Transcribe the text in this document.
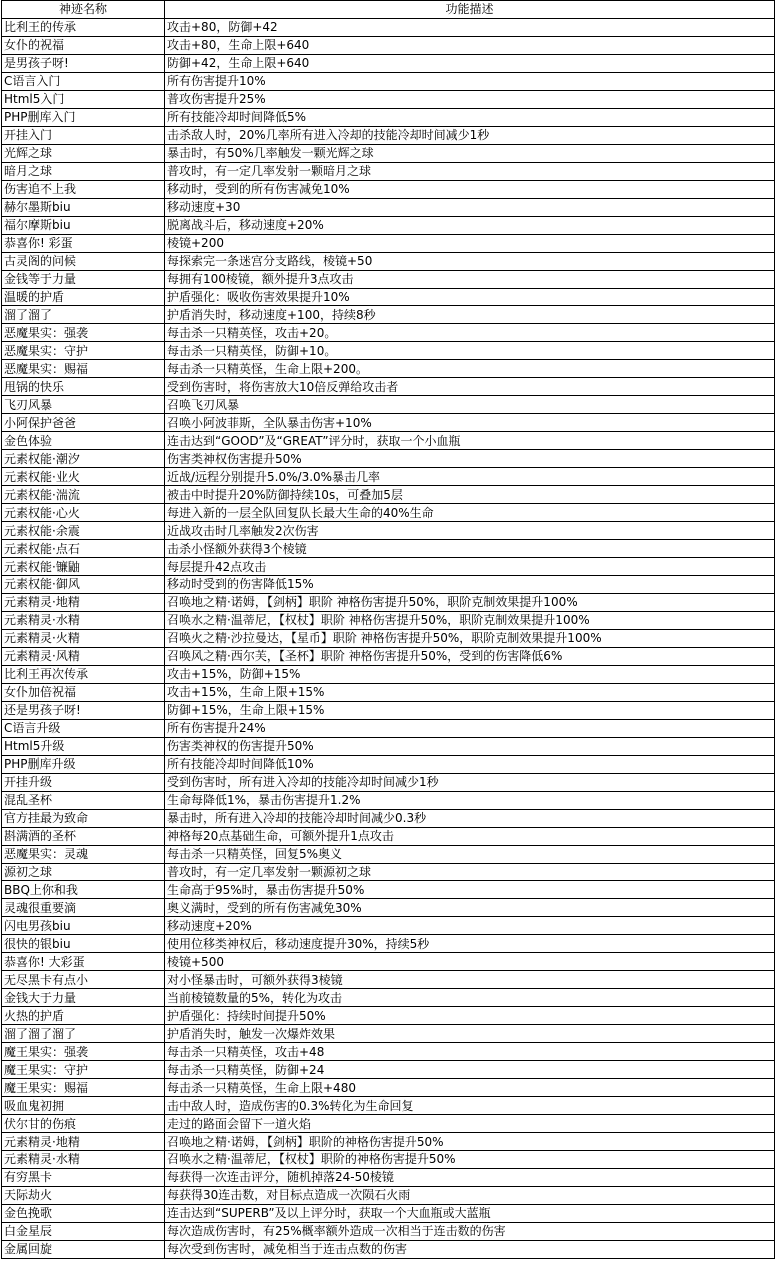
神迹名称	功能描述
比利王的传承	攻击+80，防御+42
女仆的祝福	攻击+80，生命上限+640
是男孩子呀!	防御+42，生命上限+640
C语言入门	所有伤害提升10%
Html5入门	普攻伤害提升25%
PHP删库入门	所有技能冷却时间降低5%
开挂入门	击杀敌人时，20%几率所有进入冷却的技能冷却时间减少1秒
光辉之球	暴击时，有50%几率触发一颗光辉之球
暗月之球	普攻时，有一定几率发射一颗暗月之球
伤害追不上我	移动时，受到的所有伤害减免10%
赫尔墨斯biu	移动速度+30
福尔摩斯biu	脱离战斗后，移动速度+20%
恭喜你! 彩蛋	棱镜+200
古灵阁的问候	每探索完一条迷宫分支路线，棱镜+50
金钱等于力量	每拥有100棱镜，额外提升3点攻击
温暖的护盾	护盾强化：吸收伤害效果提升10%
溜了溜了	护盾消失时，移动速度+100，持续8秒
恶魔果实：强袭	每击杀一只精英怪，攻击+20。
恶魔果实：守护	每击杀一只精英怪，防御+10。
恶魔果实：赐福	每击杀一只精英怪，生命上限+200。
甩锅的快乐	受到伤害时，将伤害放大10倍反弹给攻击者
飞刃风暴	召唤飞刃风暴
小阿保护爸爸	召唤小阿波菲斯，全队暴击伤害+10%
金色体验	连击达到“GOOD”及“GREAT”评分时，获取一个小血瓶
元素权能·潮汐	伤害类神权伤害提升50%
元素权能·业火	近战/远程分别提升5.0%/3.0%暴击几率
元素权能·湍流	被击中时提升20%防御持续10s，可叠加5层
元素权能·心火	每进入新的一层全队回复队长最大生命的40%生命
元素权能·余震	近战攻击时几率触发2次伤害
元素权能·点石	击杀小怪额外获得3个棱镜
元素权能·镰鼬	每层提升42点攻击
元素权能·御风	移动时受到的伤害降低15%
元素精灵·地精	召唤地之精·诺姆，【剑柄】职阶 神格伤害提升50%，职阶克制效果提升100%
元素精灵·水精	召唤水之精·温蒂尼，【权杖】职阶 神格伤害提升50%，职阶克制效果提升100%
元素精灵·火精	召唤火之精·沙拉曼达，【星币】职阶 神格伤害提升50%，职阶克制效果提升100%
元素精灵·风精	召唤风之精·西尔芙，【圣杯】职阶 神格伤害提升50%，受到的伤害降低6%
比利王再次传承	攻击+15%，防御+15%
女仆加倍祝福	攻击+15%，生命上限+15%
还是男孩子呀!	防御+15%，生命上限+15%
C语言升级	所有伤害提升24%
Html5升级	伤害类神权的伤害提升50%
PHP删库升级	所有技能冷却时间降低10%
开挂升级	受到伤害时，所有进入冷却的技能冷却时间减少1秒
混乱圣杯	生命每降低1%，暴击伤害提升1.2%
官方挂最为致命	暴击时，所有进入冷却的技能冷却时间减少0.3秒
斟满酒的圣杯	神格每20点基础生命，可额外提升1点攻击
恶魔果实：灵魂	每击杀一只精英怪，回复5%奥义
源初之球	普攻时，有一定几率发射一颗源初之球
BBQ上你和我	生命高于95%时，暴击伤害提升50%
灵魂很重要滴	奥义满时，受到的所有伤害减免30%
闪电男孩biu	移动速度+20%
很快的银biu	使用位移类神权后，移动速度提升30%，持续5秒
恭喜你! 大彩蛋	棱镜+500
无尽黑卡有点小	对小怪暴击时，可额外获得3棱镜
金钱大于力量	当前棱镜数量的5%，转化为攻击
火热的护盾	护盾强化：持续时间提升50%
溜了溜了溜了	护盾消失时，触发一次爆炸效果
魔王果实：强袭	每击杀一只精英怪，攻击+48
魔王果实：守护	每击杀一只精英怪，防御+24
魔王果实：赐福	每击杀一只精英怪，生命上限+480
吸血鬼初拥	击中敌人时，造成伤害的0.3%转化为生命回复
伏尔甘的伤痕	走过的路面会留下一道火焰
元素精灵·地精	召唤地之精·诺姆，【剑柄】职阶的神格伤害提升50%
元素精灵·水精	召唤水之精·温蒂尼，【权杖】职阶的神格伤害提升50%
有穷黑卡	每获得一次连击评分，随机掉落24-50棱镜
天际劫火	每获得30连击数，对目标点造成一次陨石火雨
金色挽歌	连击达到“SUPERB”及以上评分时，获取一个大血瓶或大蓝瓶
白金星辰	每次造成伤害时，有25%概率额外造成一次相当于连击数的伤害
金属回旋	每次受到伤害时，减免相当于连击点数的伤害
